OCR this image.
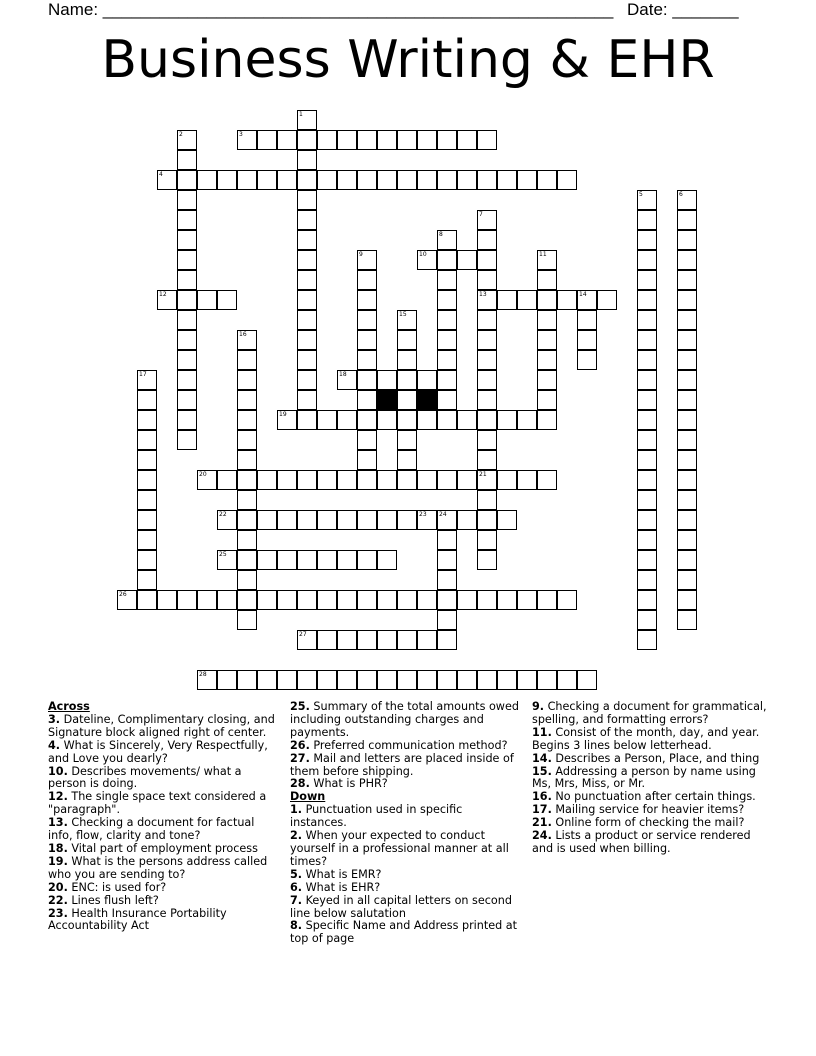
Name: ______________________________________________________ Date: _______
Business Writing & EHR
3
4
10
12	13	14
18
19
20	21
22	23 24
25
26
27
28
1
2
5	6
7
8
9	11
15
16
17

Across

3. Dateline, Complimentary closing, and Signature block aligned right of center.

4. What is Sincerely, Very Respectfully, and Love you dearly?

10. Describes movements/ what a person is doing.

12. The single space text considered a "paragraph".

13. Checking a document for factual info, flow, clarity and tone?

18. Vital part of employment process

19. What is the persons address called who you are sending to?

20. ENC: is used for?

22. Lines flush left?

23. Health Insurance Portability Accountability Act

25. Summary of the total amounts owed including outstanding charges and payments.

26. Preferred communication method?

27. Mail and letters are placed inside of them before shipping.

28. What is PHR?

Down

1. Punctuation used in specific instances.

2. When your expected to conduct yourself in a professional manner at all times?

5. What is EMR?

6. What is EHR?

7. Keyed in all capital letters on second line below salutation

8. Specific Name and Address printed at top of page

9. Checking a document for grammatical, spelling, and formatting errors?

11. Consist of the month, day, and year. Begins 3 lines below letterhead.

14. Describes a Person, Place, and thing

15. Addressing a person by name using Ms, Mrs, Miss, or Mr.

16. No punctuation after certain things.

17. Mailing service for heavier items?

21. Online form of checking the mail?

24. Lists a product or service rendered and is used when billing.
